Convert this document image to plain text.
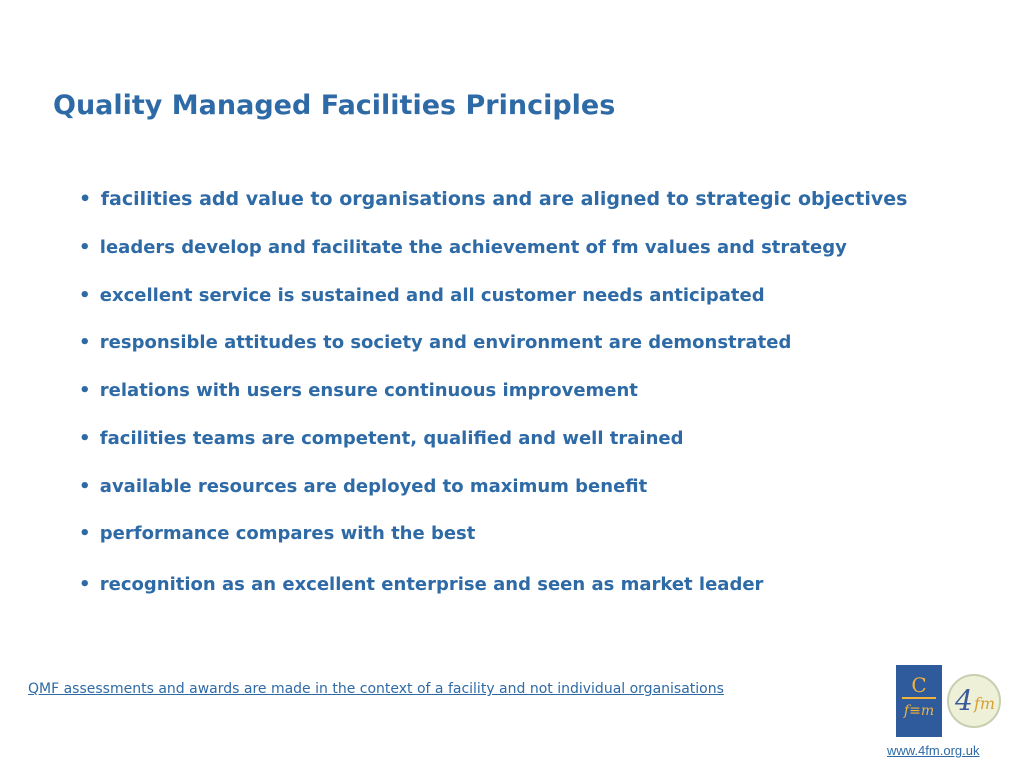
Quality Managed Facilities Principles
• facilities add value to organisations and are aligned to strategic objectives
• leaders develop and facilitate the achievement of fm values and strategy
• excellent service is sustained and all customer needs anticipated
• responsible attitudes to society and environment are demonstrated
• relations with users ensure continuous improvement
• facilities teams are competent, qualified and well trained
• available resources are deployed to maximum benefit
• performance compares with the best
• recognition as an excellent enterprise and seen as market leader
QMF assessments and awards are made in the context of a facility and not individual organisations	C
f≡m 4 fm
www.4fm.org.uk
